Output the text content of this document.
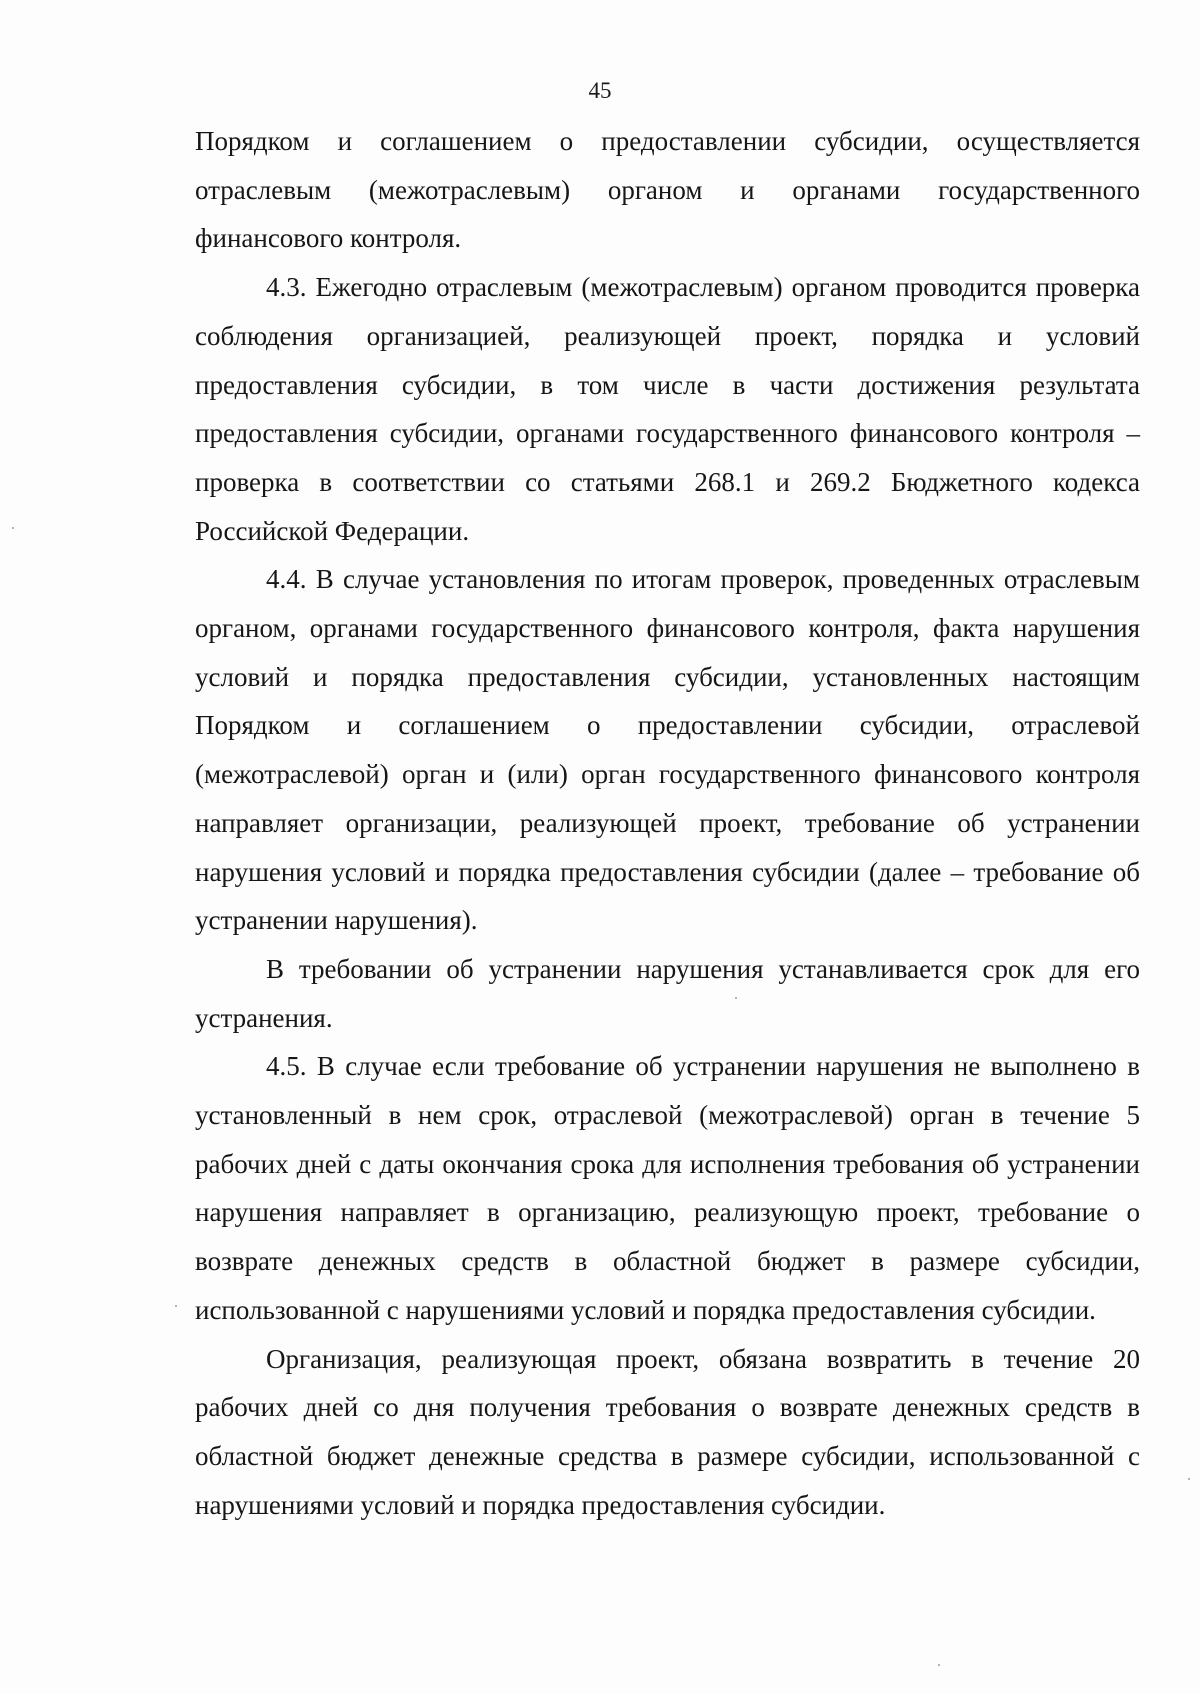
45

Порядком и соглашением о предоставлении субсидии, осуществляется отраслевым (межотраслевым) органом и органами государственного финансового контроля.

4.3. Ежегодно отраслевым (межотраслевым) органом проводится проверка соблюдения организацией, реализующей проект, порядка и условий предоставления субсидии, в том числе в части достижения результата предоставления субсидии, органами государственного финансового контроля – проверка в соответствии со статьями 268.1 и 269.2 Бюджетного кодекса Российской Федерации.

4.4. В случае установления по итогам проверок, проведенных отраслевым органом, органами государственного финансового контроля, факта нарушения условий и порядка предоставления субсидии, установленных настоящим Порядком и соглашением о предоставлении субсидии, отраслевой (межотраслевой) орган и (или) орган государственного финансового контроля направляет организации, реализующей проект, требование об устранении нарушения условий и порядка предоставления субсидии (далее – требование об устранении нарушения).

В требовании об устранении нарушения устанавливается срок для его устранения.

4.5. В случае если требование об устранении нарушения не выполнено в установленный в нем срок, отраслевой (межотраслевой) орган в течение 5 рабочих дней с даты окончания срока для исполнения требования об устранении нарушения направляет в организацию, реализующую проект, требование о возврате денежных средств в областной бюджет в размере субсидии, использованной с нарушениями условий и порядка предоставления субсидии.

Организация, реализующая проект, обязана возвратить в течение 20 рабочих дней со дня получения требования о возврате денежных средств в областной бюджет денежные средства в размере субсидии, использованной с нарушениями условий и порядка предоставления субсидии.
